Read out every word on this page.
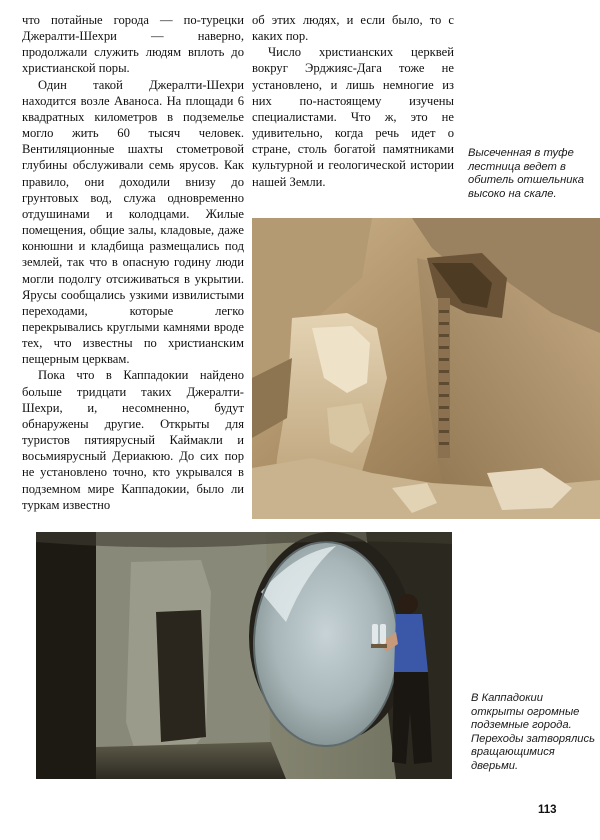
что потайные города — по-турецки Джералти-Шехри — наверно, продолжали служить людям вплоть до христианской поры.

Один такой Джералти-Шехри находится возле Аваноса. На площади 6 квадратных километров в подземелье могло жить 60 тысяч человек. Вентиляционные шахты стометровой глубины обслуживали семь ярусов. Как правило, они доходили внизу до грунтовых вод, служа одновременно отдушинами и колодцами. Жилые помещения, общие залы, кладовые, даже конюшни и кладбища размещались под землей, так что в опасную годину люди могли подолгу отсиживаться в укрытии. Ярусы сообщались узкими извилистыми переходами, которые легко перекрывались круглыми камнями вроде тех, что известны по христианским пещерным церквам.

Пока что в Каппадокии найдено больше тридцати таких Джералти-Шехри, и, несомненно, будут обнаружены другие. Открыты для туристов пятиярусный Каймакли и восьмиярусный Дериакюю. До сих пор не установлено точно, кто укрывался в подземном мире Каппадокии, было ли туркам известно

об этих людях, и если было, то с каких пор.

Число христианских церквей вокруг Эрджияс-Дага тоже не установлено, и лишь немногие из них по-настоящему изучены специалистами. Что ж, это не удивительно, когда речь идет о стране, столь богатой памятниками культурной и геологической истории нашей Земли.

Высеченная в туфе лестница ведет в обитель отшельника высоко на скале.
В Каппадокии открыты огромные подземные города. Переходы затворялись вращающимися дверьми.
113
